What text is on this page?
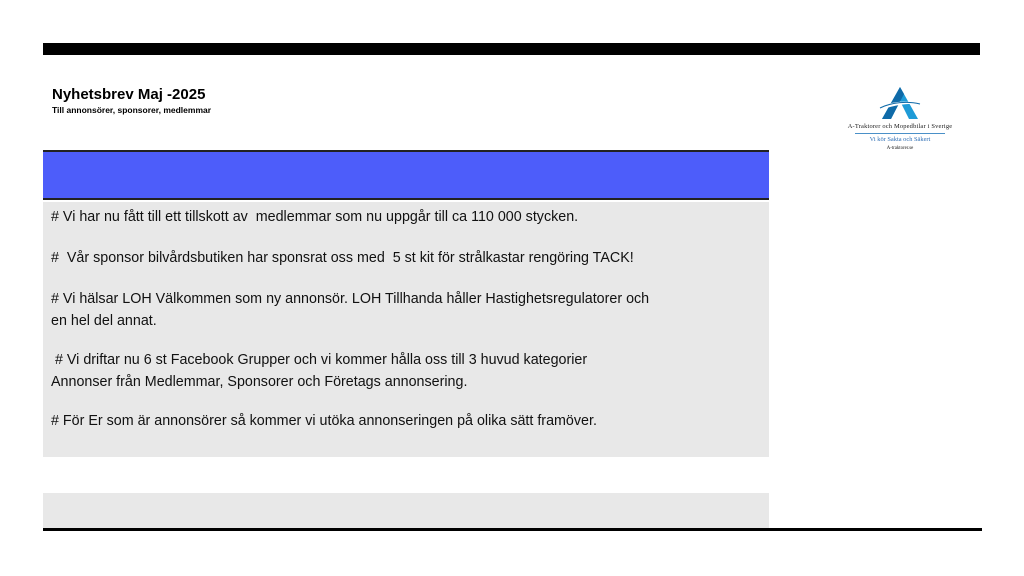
Nyhetsbrev Maj -2025

Till annonsörer, sponsorer, medlemmar

A-Traktorer och Mopedbilar i Sverige
Vi kör Sakta och Säkert
A-traktorer.se

# Vi har nu fått till ett tillskott av  medlemmar som nu uppgår till ca 110 000 stycken.

#  Vår sponsor bilvårdsbutiken har sponsrat oss med  5 st kit för strålkastar rengöring TACK!

# Vi hälsar LOH Välkommen som ny annonsör. LOH Tillhanda håller Hastighetsregulatorer och

en hel del annat.

# Vi driftar nu 6 st Facebook Grupper och vi kommer hålla oss till 3 huvud kategorier

Annonser från Medlemmar, Sponsorer och Företags annonsering.

# För Er som är annonsörer så kommer vi utöka annonseringen på olika sätt framöver.
